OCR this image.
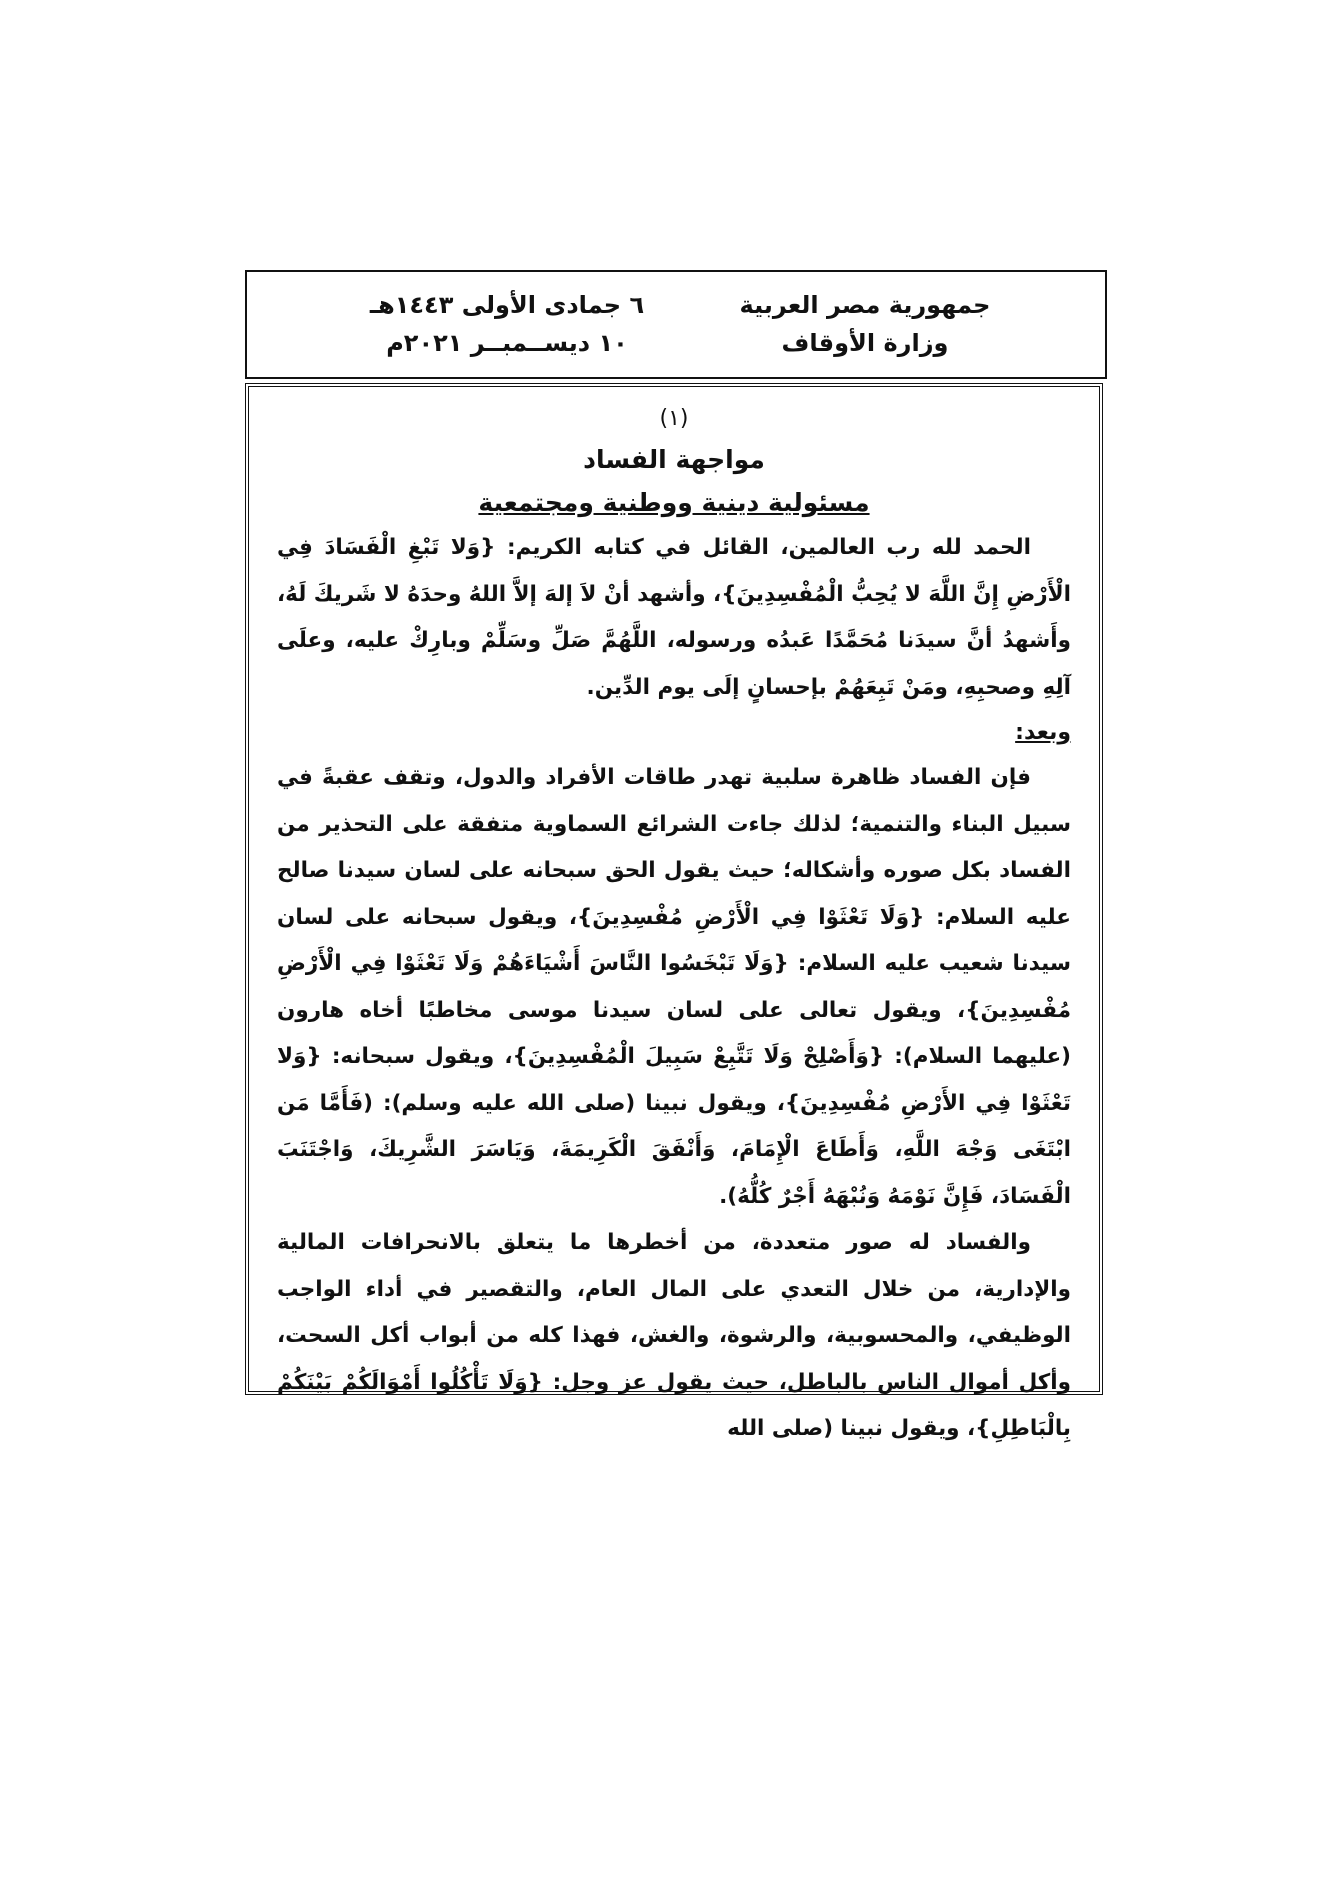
جمهورية مصر العربية
وزارة الأوقاف
٦ جمادى الأولى ١٤٤٣هـ
١٠ ديســمبــر ٢٠٢١م
(١)
مواجهة الفساد
مسئولية دينية ووطنية ومجتمعية

الحمد لله رب العالمين، القائل في كتابه الكريم: {وَلا تَبْغِ الْفَسَادَ فِي الْأَرْضِ إِنَّ اللَّهَ لا يُحِبُّ الْمُفْسِدِينَ}، وأشهد أنْ لاَ إلهَ إلاَّ اللهُ وحدَهُ لا شَريكَ لَهُ، وأَشهدُ أنَّ سيدَنا مُحَمَّدًا عَبدُه ورسوله، اللَّهُمَّ صَلِّ وسَلِّمْ وبارِكْ عليه، وعلَى آلِهِ وصحبِهِ، ومَنْ تَبِعَهُمْ بإحسانٍ إلَى يوم الدِّين.

وبعد:

فإن الفساد ظاهرة سلبية تهدر طاقات الأفراد والدول، وتقف عقبةً في سبيل البناء والتنمية؛ لذلك جاءت الشرائع السماوية متفقة على التحذير من الفساد بكل صوره وأشكاله؛ حيث يقول الحق سبحانه على لسان سيدنا صالح عليه السلام: {وَلَا تَعْثَوْا فِي الْأَرْضِ مُفْسِدِينَ}، ويقول سبحانه على لسان سيدنا شعيب عليه السلام: {وَلَا تَبْخَسُوا النَّاسَ أَشْيَاءَهُمْ وَلَا تَعْثَوْا فِي الْأَرْضِ مُفْسِدِينَ}، ويقول تعالى على لسان سيدنا موسى مخاطبًا أخاه هارون (عليهما السلام): {وَأَصْلِحْ وَلَا تَتَّبِعْ سَبِيلَ الْمُفْسِدِينَ}، ويقول سبحانه: {وَلا تَعْثَوْا فِي الأَرْضِ مُفْسِدِينَ}، ويقول نبينا (صلى الله عليه وسلم): (فَأَمَّا مَن ابْتَغَى وَجْهَ اللَّهِ، وَأَطَاعَ الْإِمَامَ، وَأَنْفَقَ الْكَرِيمَةَ، وَيَاسَرَ الشَّرِيكَ، وَاجْتَنَبَ الْفَسَادَ، فَإِنَّ نَوْمَهُ وَنُبْهَهُ أَجْرٌ كُلُّهُ).

والفساد له صور متعددة، من أخطرها ما يتعلق بالانحرافات المالية والإدارية، من خلال التعدي على المال العام، والتقصير في أداء الواجب الوظيفي، والمحسوبية، والرشوة، والغش، فهذا كله من أبواب أكل السحت، وأكل أموال الناس بالباطل، حيث يقول عز وجل: {وَلَا تَأْكُلُوا أَمْوَالَكُمْ بَيْنَكُمْ بِالْبَاطِلِ}، ويقول نبينا (صلى الله
